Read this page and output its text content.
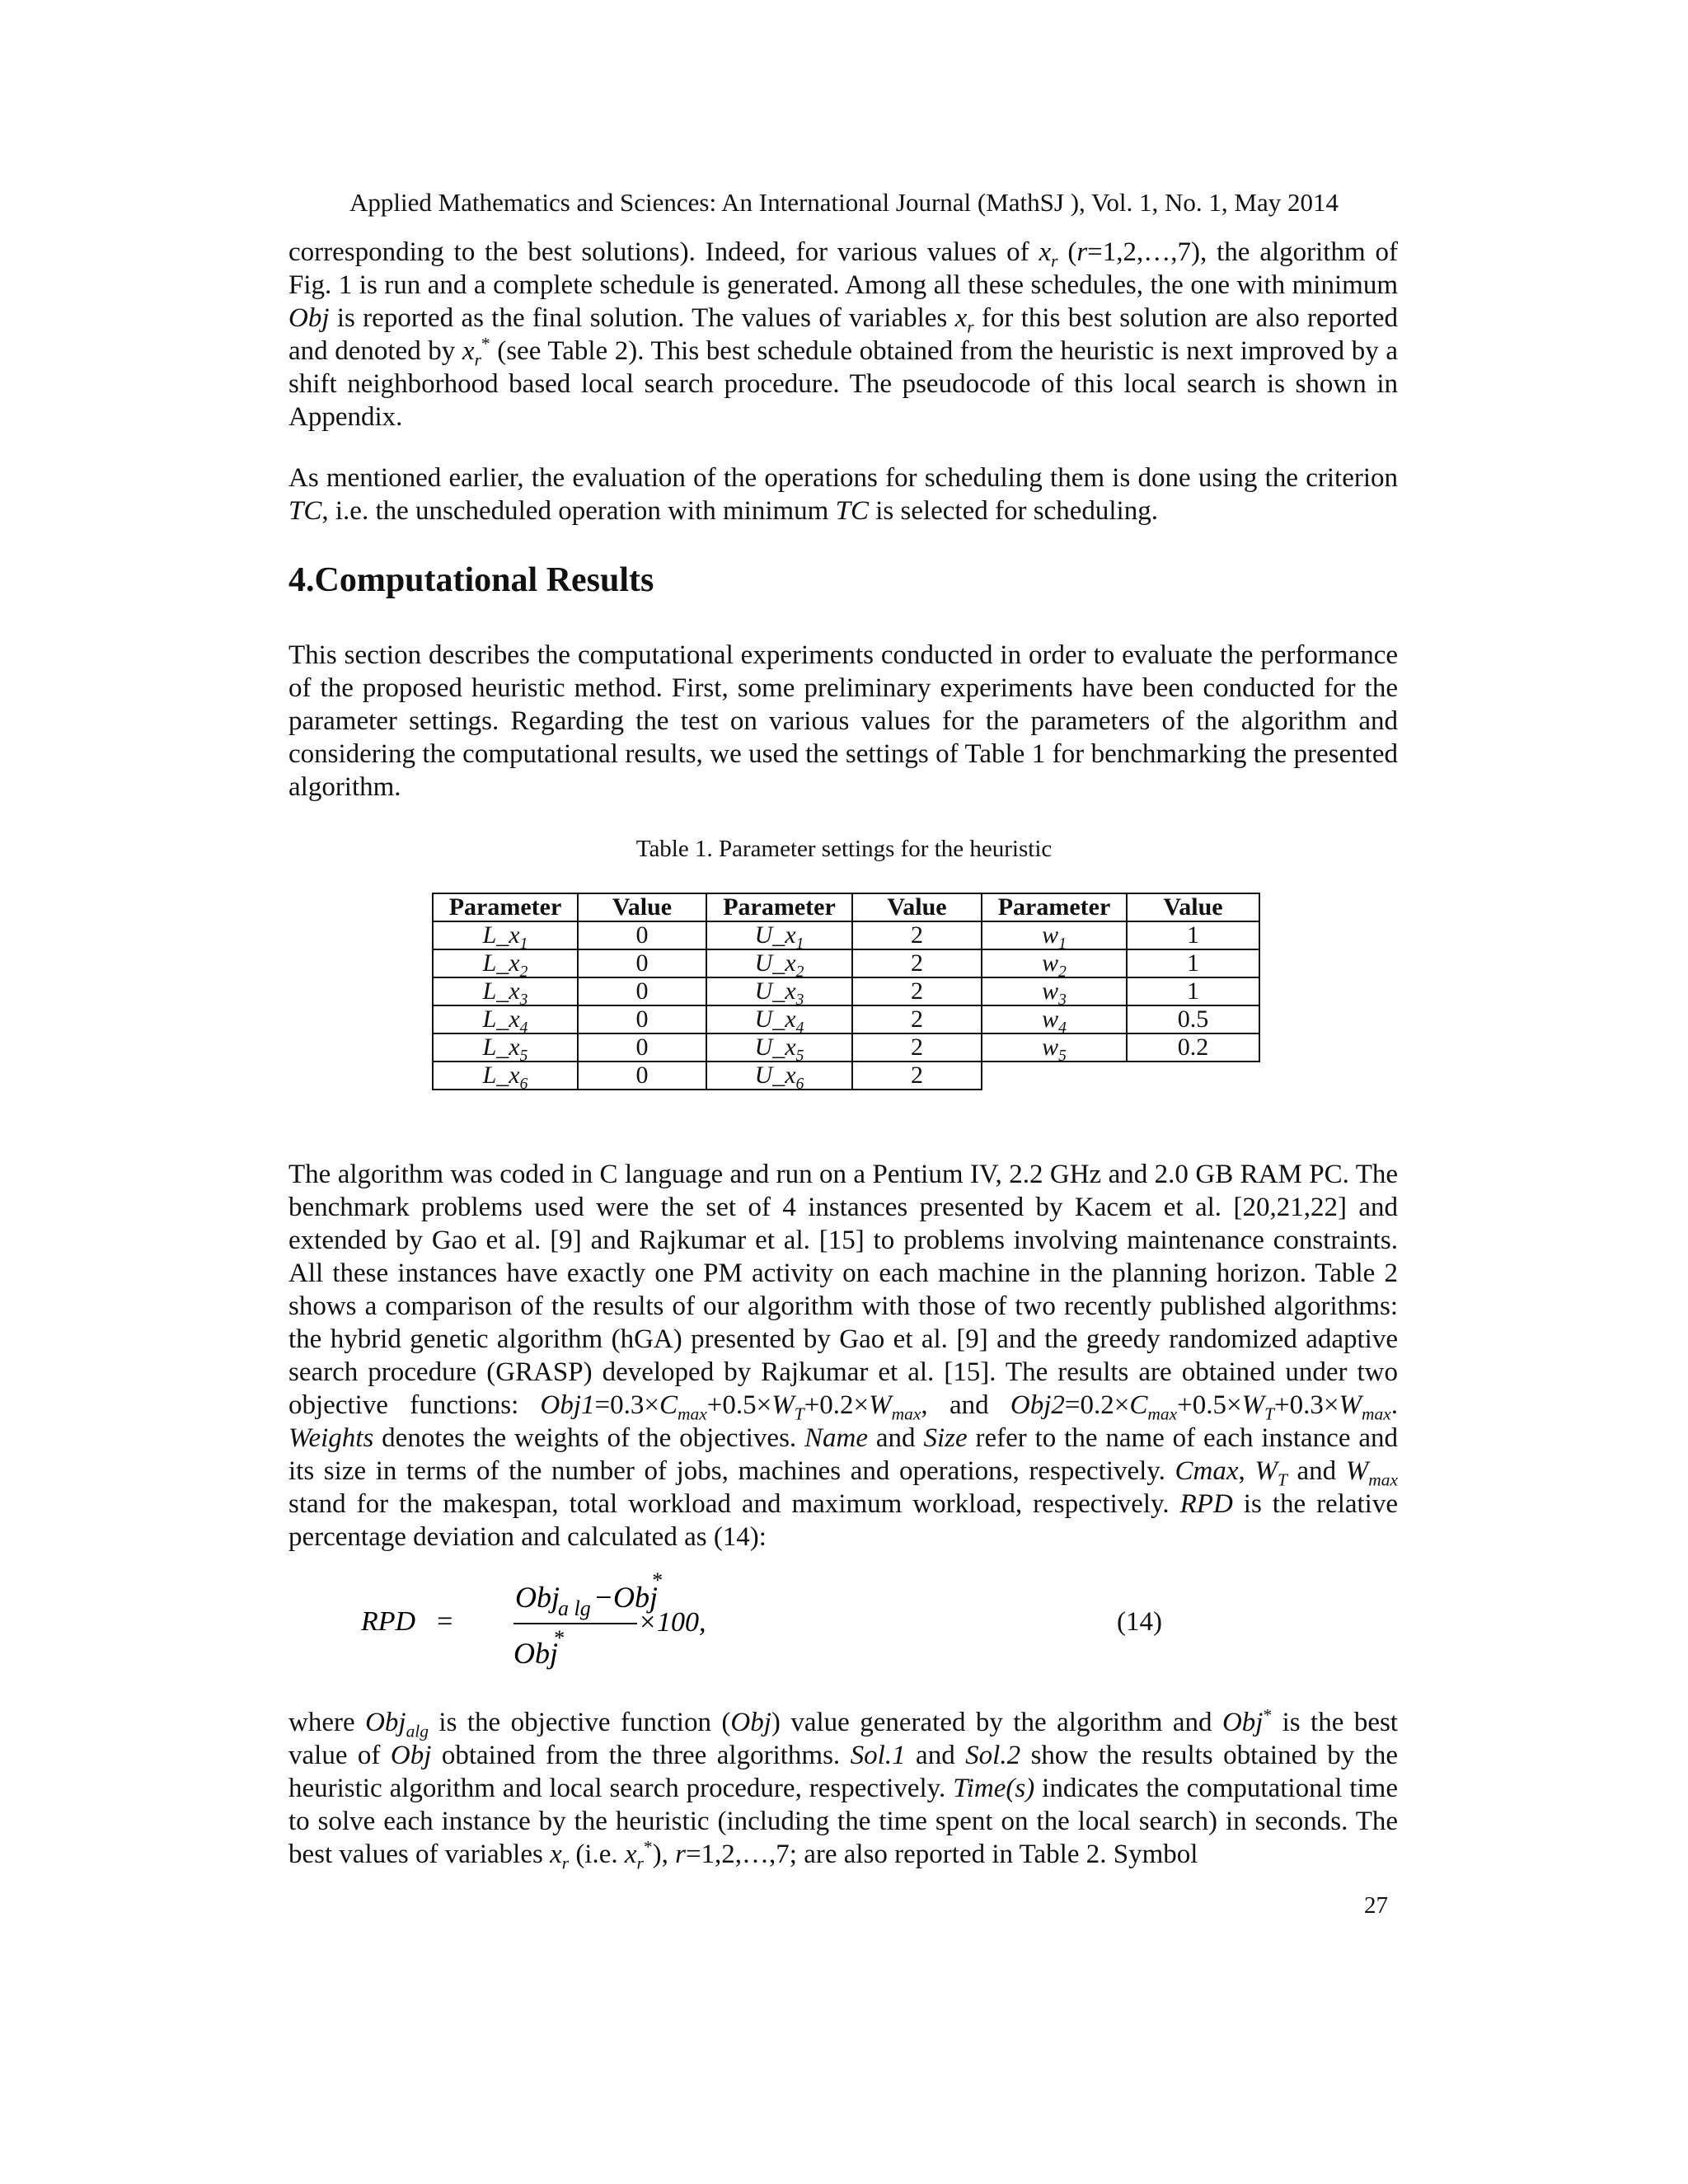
Applied Mathematics and Sciences: An International Journal (MathSJ ), Vol. 1, No. 1, May 2014

corresponding to the best solutions). Indeed, for various values of $x_r$ (r=1,2,…,7), the algorithm of Fig. 1 is run and a complete schedule is generated. Among all these schedules, the one with minimum Obj is reported as the final solution. The values of variables $x_r$ for this best solution are also reported and denoted by $x_r^*$ (see Table 2). This best schedule obtained from the heuristic is next improved by a shift neighborhood based local search procedure. The pseudocode of this local search is shown in Appendix.

As mentioned earlier, the evaluation of the operations for scheduling them is done using the criterion TC, i.e. the unscheduled operation with minimum TC is selected for scheduling.

4.Computational Results

This section describes the computational experiments conducted in order to evaluate the performance of the proposed heuristic method. First, some preliminary experiments have been conducted for the parameter settings. Regarding the test on various values for the parameters of the algorithm and considering the computational results, we used the settings of Table 1 for benchmarking the presented algorithm.

Table 1. Parameter settings for the heuristic
Parameter	Value	Parameter	Value	Parameter	Value
$L\_x_1$	0	$U\_x_1$	2	$w_1$	1
$L\_x_2$	0	$U\_x_2$	2	$w_2$	1
$L\_x_3$	0	$U\_x_3$	2	$w_3$	1
$L\_x_4$	0	$U\_x_4$	2	$w_4$	0.5
$L\_x_5$	0	$U\_x_5$	2	$w_5$	0.2
$L\_x_6$	0	$U\_x_6$	2		

The algorithm was coded in C language and run on a Pentium IV, 2.2 GHz and 2.0 GB RAM PC. The benchmark problems used were the set of 4 instances presented by Kacem et al. [20,21,22] and extended by Gao et al. [9] and Rajkumar et al. [15] to problems involving maintenance constraints. All these instances have exactly one PM activity on each machine in the planning horizon. Table 2 shows a comparison of the results of our algorithm with those of two recently published algorithms: the hybrid genetic algorithm (hGA) presented by Gao et al. [9] and the greedy randomized adaptive search procedure (GRASP) developed by Rajkumar et al. [15]. The results are obtained under two objective functions: $Obj1=0.3\times C_{max}+0.5\times W_T+0.2\times W_{max}$, and $Obj2=0.2\times C_{max}+0.5\times W_T+0.3\times W_{max}$. Weights denotes the weights of the objectives. Name and Size refer to the name of each instance and its size in terms of the number of jobs, machines and operations, respectively. Cmax, $W_T$ and $W_{max}$ stand for the makespan, total workload and maximum workload, respectively. RPD is the relative percentage deviation and calculated as (14):

RPD =
Obj
a lg − Obj
*
×100 ,
Obj
*
(14)

where Obj$_{alg}$ is the objective function (Obj) value generated by the algorithm and Obj* is the best value of Obj obtained from the three algorithms. Sol.1 and Sol.2 show the results obtained by the heuristic algorithm and local search procedure, respectively. Time(s) indicates the computational time to solve each instance by the heuristic (including the time spent on the local search) in seconds. The best values of variables $x_r$ (i.e. $x_r^*$), r=1,2,…,7; are also reported in Table 2. Symbol

27
